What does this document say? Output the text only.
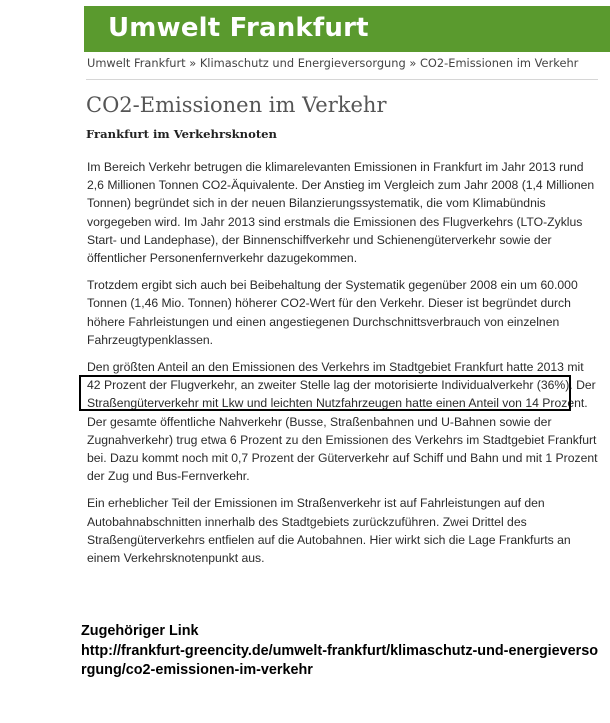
Umwelt Frankfurt
Umwelt Frankfurt » Klimaschutz und Energieversorgung » CO2-Emissionen im Verkehr
CO2-Emissionen im Verkehr
Frankfurt im Verkehrsknoten

Im Bereich Verkehr betrugen die klimarelevanten Emissionen in Frankfurt im Jahr 2013 rund 2,6 Millionen Tonnen CO2-Äquivalente. Der Anstieg im Vergleich zum Jahr 2008 (1,4 Millionen Tonnen) begründet sich in der neuen Bilanzierungssystematik, die vom Klimabündnis vorgegeben wird. Im Jahr 2013 sind erstmals die Emissionen des Flugverkehrs (LTO-Zyklus Start- und Landephase), der Binnenschiffverkehr und Schienengüterverkehr sowie der öffentlicher Personenfernverkehr dazugekommen.

Trotzdem ergibt sich auch bei Beibehaltung der Systematik gegenüber 2008 ein um 60.000 Tonnen (1,46 Mio. Tonnen) höherer CO2-Wert für den Verkehr. Dieser ist begründet durch höhere Fahrleistungen und einen angestiegenen Durchschnittsverbrauch von einzelnen Fahrzeugtypenklassen.

Den größten Anteil an den Emissionen des Verkehrs im Stadtgebiet Frankfurt hatte 2013 mit 42 Prozent der Flugverkehr, an zweiter Stelle lag der motorisierte Individualverkehr (36%). Der Straßengüterverkehr mit Lkw und leichten Nutzfahrzeugen hatte einen Anteil von 14 Prozent. Der gesamte öffentliche Nahverkehr (Busse, Straßenbahnen und U-Bahnen sowie der Zugnahverkehr) trug etwa 6 Prozent zu den Emissionen des Verkehrs im Stadtgebiet Frankfurt bei. Dazu kommt noch mit 0,7 Prozent der Güterverkehr auf Schiff und Bahn und mit 1 Prozent der Zug und Bus-Fernverkehr.

Ein erheblicher Teil der Emissionen im Straßenverkehr ist auf Fahrleistungen auf den Autobahnabschnitten innerhalb des Stadtgebiets zurückzuführen. Zwei Drittel des Straßengüterverkehrs entfielen auf die Autobahnen. Hier wirkt sich die Lage Frankfurts an einem Verkehrsknotenpunkt aus.

Zugehöriger Link
http://frankfurt-greencity.de/umwelt-frankfurt/klimaschutz-und-energieversorgung/co2-emissionen-im-verkehr
